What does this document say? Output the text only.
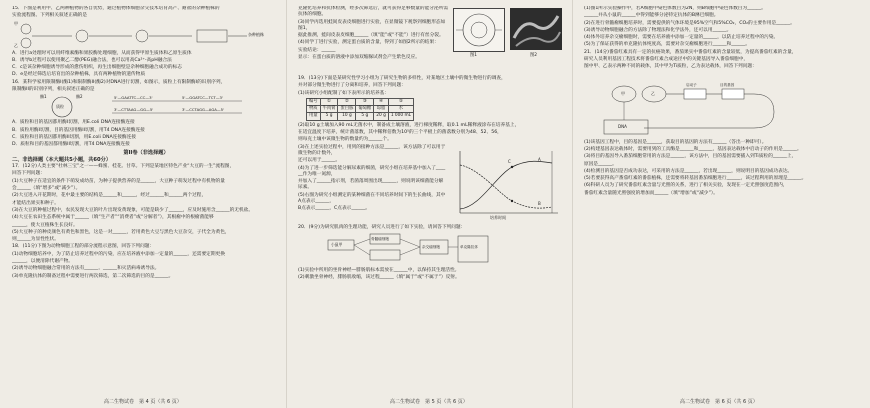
15．下图是利用甲、乙两种植物的各自优势，通过植物体细胞杂交技术培育高产、耐盐的杂种植株的

实验流程图。下列相关叙述正确的是

甲
乙
杂种植株

A．进行a处理时可以用纤维素酶和果胶酶处理细胞，从而获得甲原生质体和乙原生质体

B．诱导b过程可以使用聚乙二醇(PEG)融合法，也可以用高Ca²⁺-高pH融合法

C．c是该杂种细胞诱导形成的愈伤组织，再生出细胞壁是杂种细胞融合成功的标志

D．e是经过筛选后培育出的杂种植株，具有两种植物的遗传物质

16．某科学家用限制酶I(酶1)和限制酶II(酶2)对DNA进行切割，如图示，质粒上有限制酶I的识别序列，

限制酶II的识别序列，相关叙述正确的是

质粒
酶1	酶2	5'—GAATTC—CC—3'
3'—CTTAAG—GG—5'
5'—GGATCC—TCT—3'
3'—CCTAGG—AGA—5'

A．质粒和目的基因都用酶I切割，用E.coli DNA连接酶连接

B．质粒用酶I切割，目的基因用酶II切割，用T4 DNA连接酶连接

C．质粒和目的基因都用酶II切割，用E.coli DNA连接酶连接

D．质粒和目的基因都用酶II切割，用T4 DNA连接酶连接

第II卷（非选择题）

二、非选择题（本大题共5小题，共60分）

17．(12分)人类主要“杜林三宝”之一——蜂蜜、桂花、甘草。下列是某地区特色产业“大豆的一生”流程图，

回答下列问题：

(1)大豆种子在适宜的条件下萌发成幼苗，为种子提供营养的是______，大豆种子萌发过程中有机物的量

会______（填“增多”或“减少”）。

(2)大豆进入开花期时，花中最主要的结构是______和______，经过______和______两个过程，

才能结出果实和种子。

(3)在大豆的种植过程中，农民发现大豆的叶片出现发黄现象，可能是缺少了______，应及时施用含______的无机盐。

(4)大豆在农田生态系统中属于______（填“生产者”“消费者”或“分解者”），其根瘤中的根瘤菌能够

______，使大豆植株生长良好。

(5)大豆种子的种皮颜色有黄色和黑色，这是一对______，若用黄色大豆与黑色大豆杂交，子代全为黄色，

则______为显性性状。

18．(11分)下图为动物细胞工程的部分流程示意图，回答下列问题：

(1)动物细胞培养中，为了防止培养过程中的污染，应在培养液中添加一定量的______，还需要定期更换

______，以便清除代谢产物。

(2)诱导动物细胞融合常用的方法有______、______和灭活病毒诱导法。

(3)单克隆抗体的制备过程中需要进行两次筛选，第二次筛选的目的是______。

高二生物试卷　第 4 页（共 6 页）

克隆化培养和抗体检测，经多次筛选后，就可获得足够数量的能分泌所需抗体的细胞。

(3)同学丙选用蛙间皮表皮细胞进行实验，在显微镜下观察到细胞形态如图1，

据此推测，蛙间皮表皮细胞______（填“能”或“不能”）进行有丝分裂。

(4)同学丁进行实验，测定蛋白质的含量，得到了如图2所示的结果：

实验结论：______

显示：在蛋白质的溶液中添加双缩脲试剂会产生紫色反应。	图1	图2

19．(13分)下面是某研究性学习小组为了研究生物的多样性，对某地区土壤中的微生物进行的调查，

并对部分微生物进行了分离和培养，回答下列问题：

(1)该研究小组配制了如下表所示的培养基：

编号	①	②	③	④	⑤
物质	牛肉膏	蛋白胨	葡萄糖	琼脂	水
用量	5 g	10 g	5 g	20 g	1 000 mL

(2)取10 g土壤加入90 mL无菌水中，制备成土壤溶液，进行梯度稀释，取0.1 mL稀释液涂布在培养基上，

在适宜温度下培养，统计菌落数，其中稀释倍数为10⁵的三个平板上的菌落数分别为48、52、56，

则每克土壤中该微生物的数量约为______个。

(3)在上述实验过程中，用到的接种方法是______，该方法除了可以用于微生物的计数外，

还可以用于______。

(4)为了进一步筛选能分解尿素的细菌，研究小组在培养基中加入了______作为唯一氮源，

并加入了______指示剂，若菌落周围出现______，则说明该细菌能分解尿素。

(5)右图为研究小组测定的某种细菌在不同培养时间下的生长曲线，其中A点表示______，

B点表示______，C点表示______。

A
B
C
培养时间

20．(9分)为研究肌肉的生理功能，研究人员进行了如下实验，请回答下列问题：

小鼠甲
骨髓瘤细胞
杂交瘤细胞	单克隆抗体

(1)实验中所用的坐骨神经—腓肠肌标本需放在______中，以保持其生理活性。

(2)刺激坐骨神经，腓肠肌收缩，该过程______（填“属于”或“不属于”）反射。

高二生物试卷　第 5 页（共 6 页）

(1)图1所示实验操作中，若A细胞中染色体数目为2N，则B细胞中染色体数目为______。

______并从小鼠的______中得到能够分泌特定抗体的B淋巴细胞。

(2)在进行骨髓瘤细胞培养时，需要提供的气体环境是95%空气和5%CO₂，CO₂的主要作用是______。

(3)诱导动物细胞融合的方法除了物理法和化学法外，还可以用______。

(4)体外培养杂交瘤细胞时，需要在培养液中添加一定量的______，以防止培养过程中的污染。

(5)为了保证获得的单克隆抗体纯度高，需要对杂交瘤细胞进行______和______。

21．(14分)番茄红素具有一定的抗癌效果，番茄果实中番茄红素的含量较低，为提高番茄红素的含量，

研究人员利用基因工程技术将番茄红素合成途径中的关键基因导入番茄细胞中，

图中甲、乙表示两种不同的载体，其中甲为Ti质粒，乙为表达载体，回答下列问题：

甲	乙
启动子	目的基因
DNA

(1)该基因工程中，目的基因是______，获取目的基因的方法有______（答出一种即可）。

(2)构建基因表达载体时，需要用到的工具酶是______和______，基因表达载体中启动子的作用是______。

(3)将目的基因导入番茄细胞常用的方法是______，该方法中，目的基因需要插入到Ti质粒的______上，

原因是______。

(4)检测目的基因是否成功表达，可采用的方法是______，若出现______，则说明目的基因成功表达。

(5)若要获得高产番茄红素的番茄植株，还需要将转基因番茄细胞进行______，该过程利用的原理是______。

(6)科研人员为了研究番茄红素含量与光照的关系，进行了相关实验，发现在一定光照强度范围内，

番茄红素含量随光照强度的增加而______（填“增加”或“减少”）。

高二生物试卷　第 6 页（共 6 页）
